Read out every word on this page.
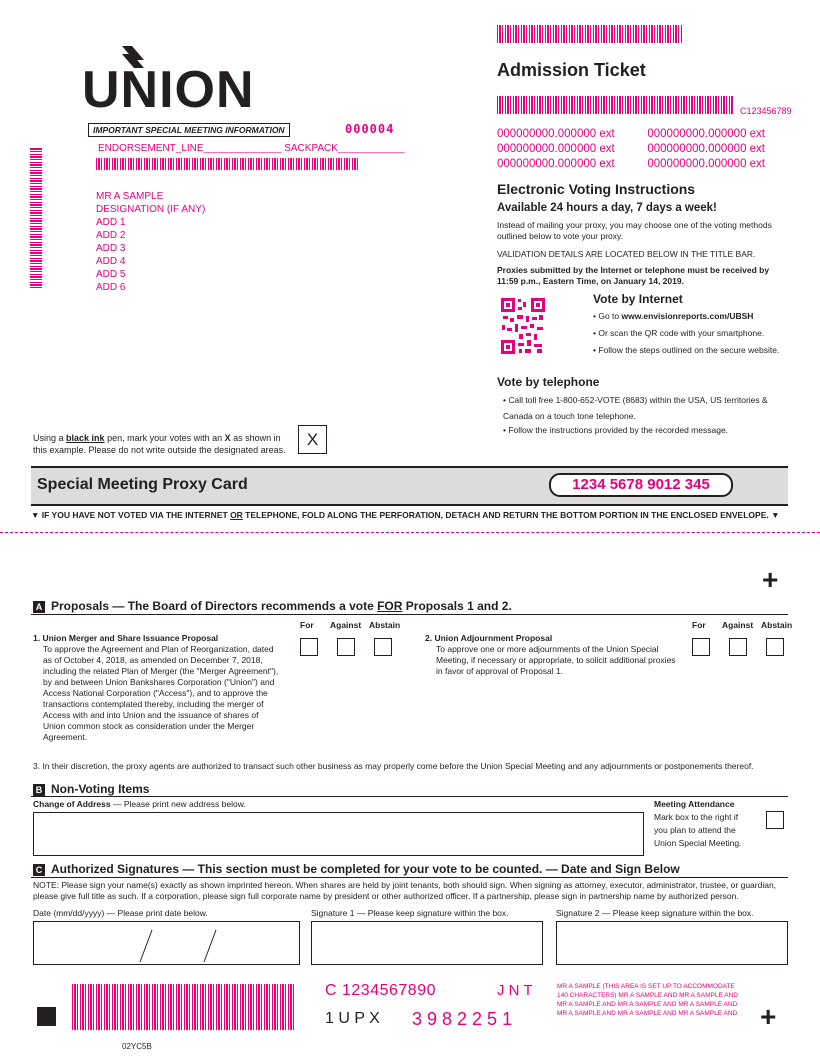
UNION
IMPORTANT SPECIAL MEETING INFORMATION	000004
ENDORSEMENT_LINE______________ SACKPACK____________
MR A SAMPLE
DESIGNATION (IF ANY)
ADD 1
ADD 2
ADD 3
ADD 4
ADD 5
ADD 6
Admission Ticket
C123456789
000000000.000000 ext	000000000.000000 ext
000000000.000000 ext	000000000.000000 ext
000000000.000000 ext	000000000.000000 ext
Electronic Voting Instructions
Available 24 hours a day, 7 days a week!
Instead of mailing your proxy, you may choose one of the voting methods outlined below to vote your proxy.
VALIDATION DETAILS ARE LOCATED BELOW IN THE TITLE BAR.
Proxies submitted by the Internet or telephone must be received by 11:59 p.m., Eastern Time, on January 14, 2019.
Vote by Internet
• Go to www.envisionreports.com/UBSH
• Or scan the QR code with your smartphone.
• Follow the steps outlined on the secure website.
Vote by telephone
• Call toll free 1-800-652-VOTE (8683) within the USA, US territories & Canada on a touch tone telephone.
• Follow the instructions provided by the recorded message.
Using a black ink pen, mark your votes with an X as shown in this example. Please do not write outside the designated areas.
X
Special Meeting Proxy Card	1234 5678 9012 345
▼ IF YOU HAVE NOT VOTED VIA THE INTERNET OR TELEPHONE, FOLD ALONG THE PERFORATION, DETACH AND RETURN THE BOTTOM PORTION IN THE ENCLOSED ENVELOPE. ▼
+
A Proposals — The Board of Directors recommends a vote FOR Proposals 1 and 2.
For Against Abstain
1. Union Merger and Share Issuance Proposal
To approve the Agreement and Plan of Reorganization, dated as of October 4, 2018, as amended on December 7, 2018, including the related Plan of Merger (the "Merger Agreement"), by and between Union Bankshares Corporation ("Union") and Access National Corporation ("Access"), and to approve the transactions contemplated thereby, including the merger of Access with and into Union and the issuance of shares of Union common stock as consideration under the Merger Agreement.
For Against Abstain
2. Union Adjournment Proposal
To approve one or more adjournments of the Union Special Meeting, if necessary or appropriate, to solicit additional proxies in favor of approval of Proposal 1.
3. In their discretion, the proxy agents are authorized to transact such other business as may properly come before the Union Special Meeting and any adjournments or postponements thereof.
B Non-Voting Items
Change of Address — Please print new address below.	Meeting Attendance
Mark box to the right if you plan to attend the Union Special Meeting.
C Authorized Signatures — This section must be completed for your vote to be counted. — Date and Sign Below
NOTE: Please sign your name(s) exactly as shown imprinted hereon. When shares are held by joint tenants, both should sign. When signing as attorney, executor, administrator, trustee, or guardian, please give full title as such. If a corporation, please sign full corporate name by president or other authorized officer. If a partnership, please sign in partnership name by authorized person.
Date (mm/dd/yyyy) — Please print date below.	Signature 1 — Please keep signature within the box.	Signature 2 — Please keep signature within the box.
C 1234567890	J N T
1 U P X 3 9 8 2 2 5 1
MR A SAMPLE (THIS AREA IS SET UP TO ACCOMMODATE 140 CHARACTERS) MR A SAMPLE AND MR A SAMPLE AND MR A SAMPLE AND MR A SAMPLE AND MR A SAMPLE AND MR A SAMPLE AND MR A SAMPLE AND MR A SAMPLE AND +
02YC5B
